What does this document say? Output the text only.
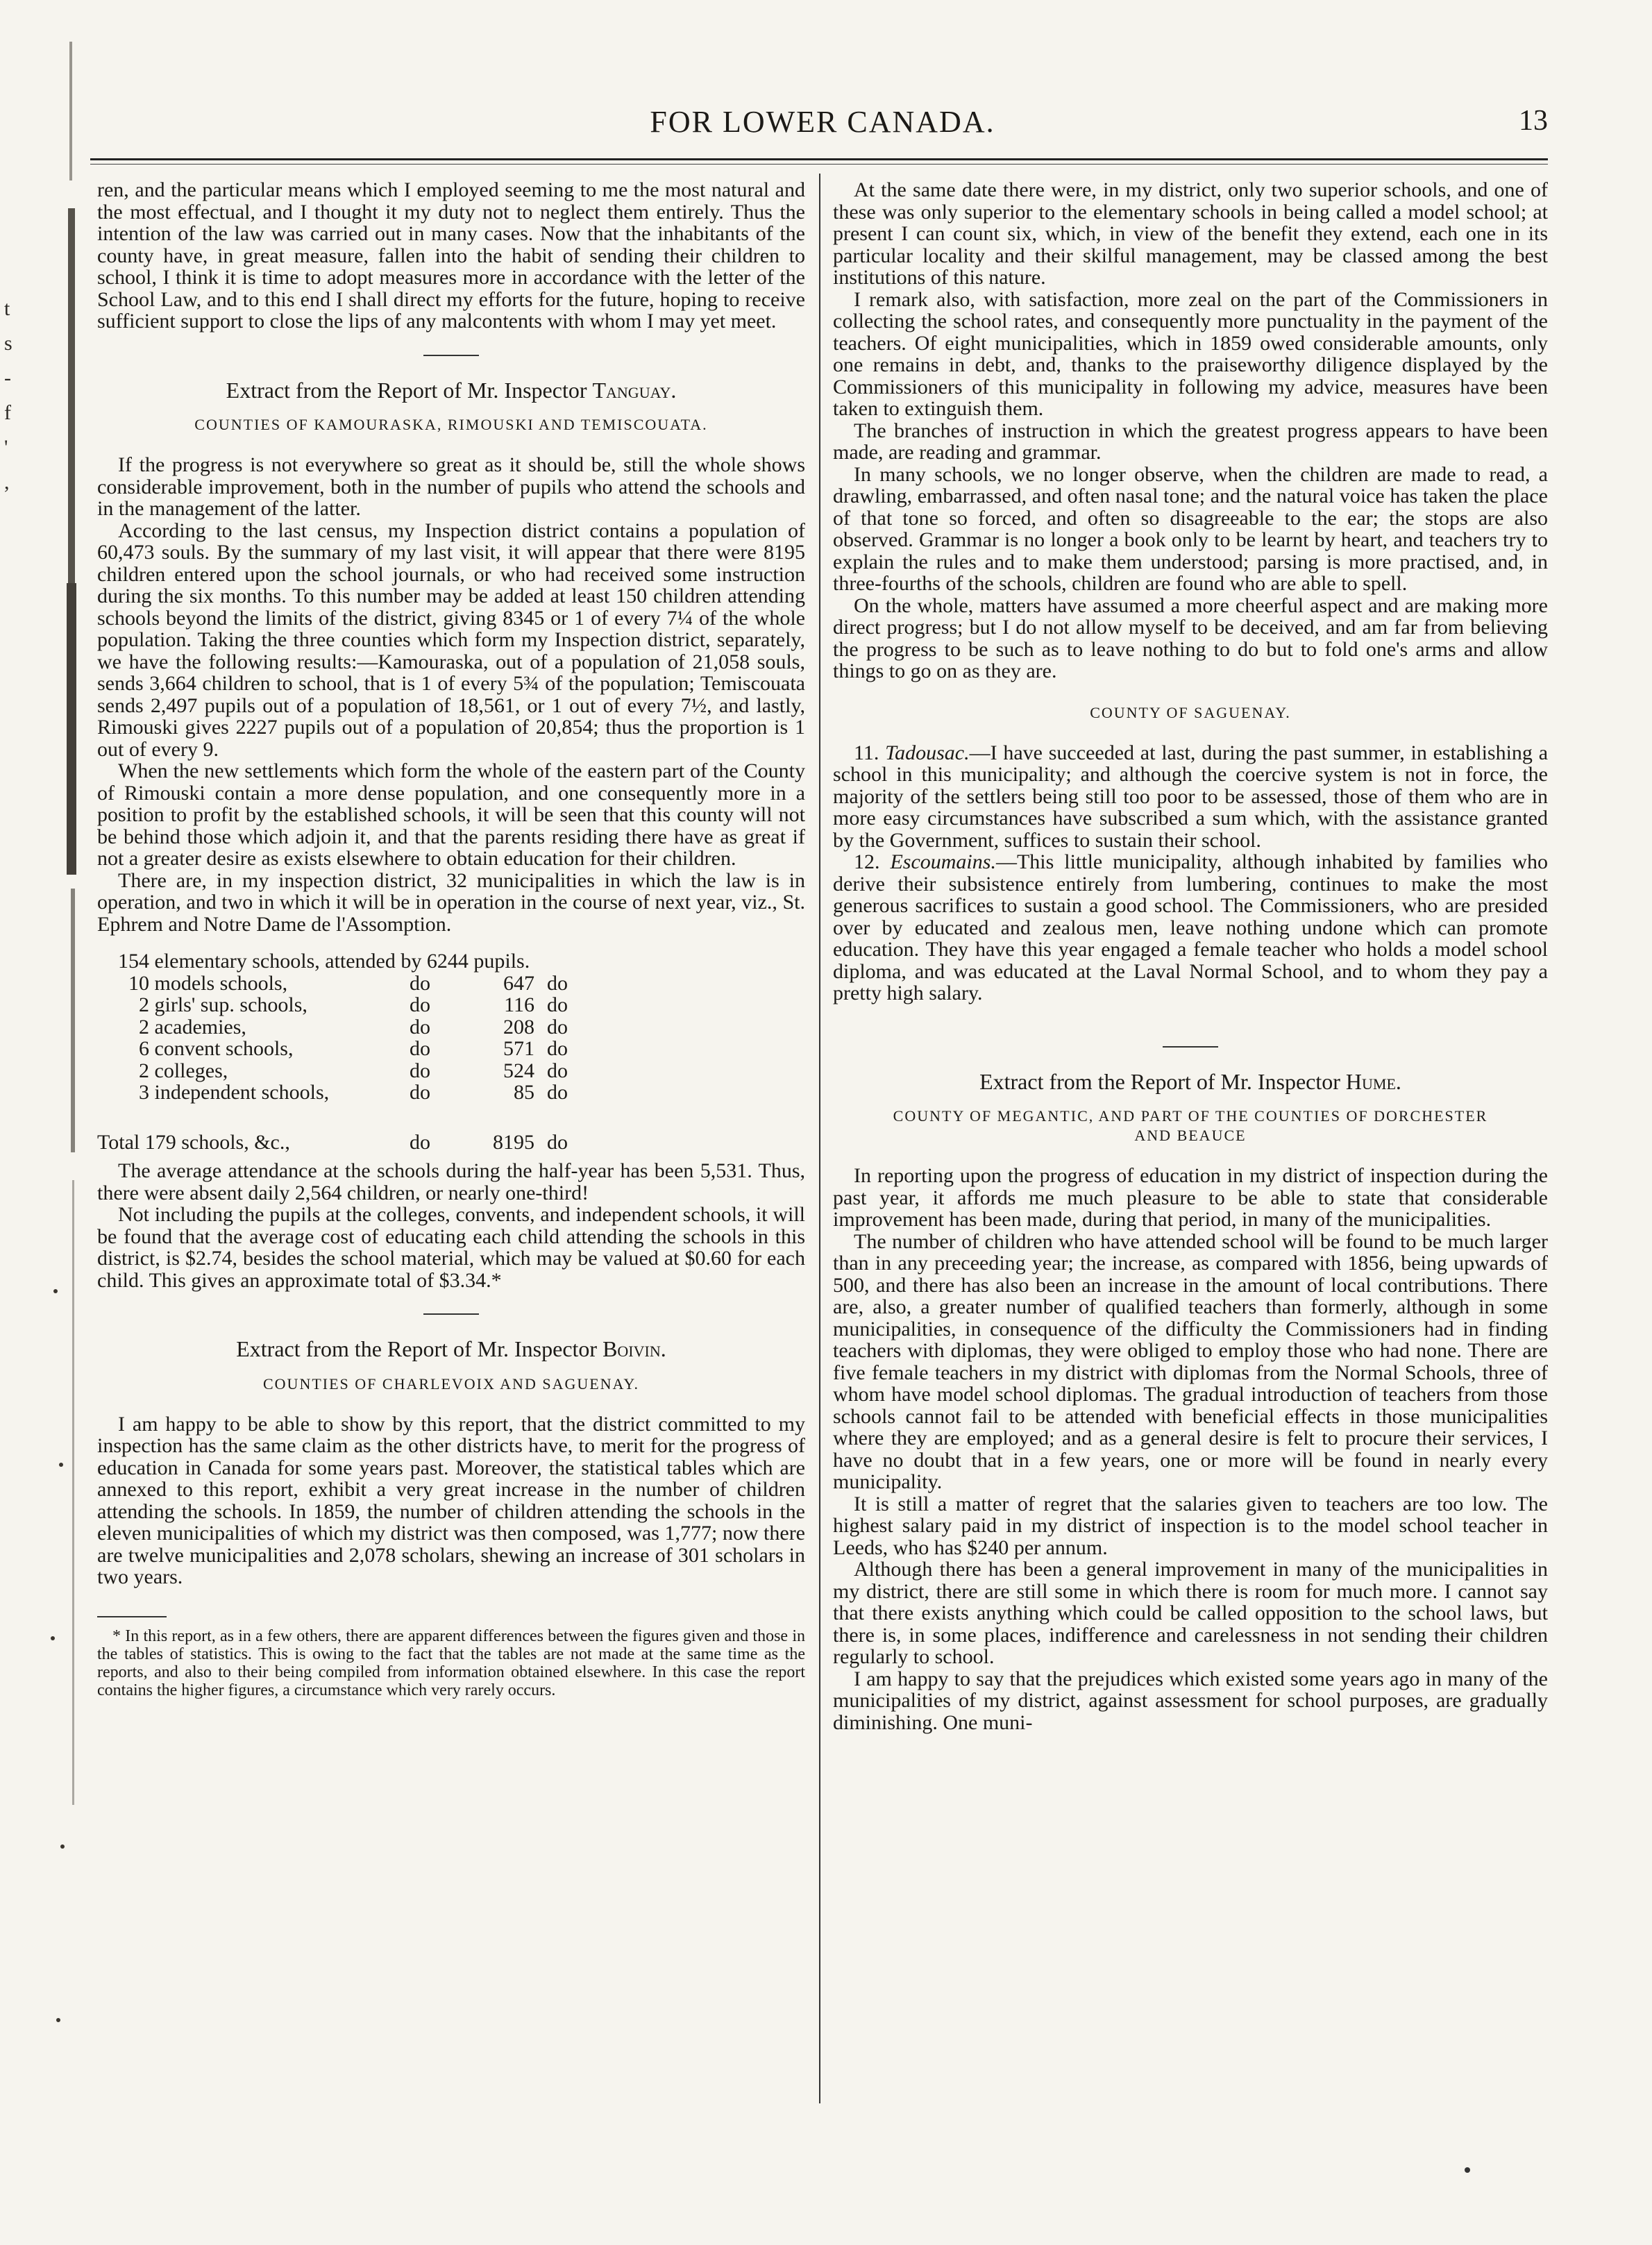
t
s
-
f
'
,
FOR LOWER CANADA.	13

ren, and the particular means which I employed seeming to me the most natural and the most effectual, and I thought it my duty not to neglect them entirely. Thus the intention of the law was carried out in many cases. Now that the inhabitants of the county have, in great measure, fallen into the habit of sending their children to school, I think it is time to adopt measures more in accordance with the letter of the School Law, and to this end I shall direct my efforts for the future, hoping to receive sufficient support to close the lips of any malcontents with whom I may yet meet.

Extract from the Report of Mr. Inspector Tanguay.
COUNTIES OF KAMOURASKA, RIMOUSKI AND TEMISCOUATA.

If the progress is not everywhere so great as it should be, still the whole shows considerable improvement, both in the number of pupils who attend the schools and in the management of the latter.

According to the last census, my Inspection district contains a population of 60,473 souls. By the summary of my last visit, it will appear that there were 8195 children entered upon the school journals, or who had received some instruction during the six months. To this number may be added at least 150 children attending schools beyond the limits of the district, giving 8345 or 1 of every 7¼ of the whole population. Taking the three counties which form my Inspection district, separately, we have the following results:—Kamouraska, out of a population of 21,058 souls, sends 3,664 children to school, that is 1 of every 5¾ of the population; Temiscouata sends 2,497 pupils out of a population of 18,561, or 1 out of every 7½, and lastly, Rimouski gives 2227 pupils out of a population of 20,854; thus the proportion is 1 out of every 9.

When the new settlements which form the whole of the eastern part of the County of Rimouski contain a more dense population, and one consequently more in a position to profit by the established schools, it will be seen that this county will not be behind those which adjoin it, and that the parents residing there have as great if not a greater desire as exists elsewhere to obtain education for their children.

There are, in my inspection district, 32 municipalities in which the law is in operation, and two in which it will be in operation in the course of next year, viz., St. Ephrem and Notre Dame de l'Assomption.

154 elementary schools, attended by 6244 pupils.
10 models schools,	do	647 do
2 girls' sup. schools,	do	116 do
2 academies,	do	208 do
6 convent schools,	do	571 do
2 colleges,	do	524 do
3 independent schools,	do	85 do
Total 179 schools, &c.,	do	8195 do

The average attendance at the schools during the half-year has been 5,531. Thus, there were absent daily 2,564 children, or nearly one-third!

Not including the pupils at the colleges, convents, and independent schools, it will be found that the average cost of educating each child attending the schools in this district, is $2.74, besides the school material, which may be valued at $0.60 for each child. This gives an approximate total of $3.34.*

Extract from the Report of Mr. Inspector Boivin.
COUNTIES OF CHARLEVOIX AND SAGUENAY.

I am happy to be able to show by this report, that the district committed to my inspection has the same claim as the other districts have, to merit for the progress of education in Canada for some years past. Moreover, the statistical tables which are annexed to this report, exhibit a very great increase in the number of children attending the schools. In 1859, the number of children attending the schools in the eleven municipalities of which my district was then composed, was 1,777; now there are twelve municipalities and 2,078 scholars, shewing an increase of 301 scholars in two years.

* In this report, as in a few others, there are apparent differences between the figures given and those in the tables of statistics. This is owing to the fact that the tables are not made at the same time as the reports, and also to their being compiled from information obtained elsewhere. In this case the report contains the higher figures, a circumstance which very rarely occurs.

At the same date there were, in my district, only two superior schools, and one of these was only superior to the elementary schools in being called a model school; at present I can count six, which, in view of the benefit they extend, each one in its particular locality and their skilful management, may be classed among the best institutions of this nature.

I remark also, with satisfaction, more zeal on the part of the Commissioners in collecting the school rates, and consequently more punctuality in the payment of the teachers. Of eight municipalities, which in 1859 owed considerable amounts, only one remains in debt, and, thanks to the praiseworthy diligence displayed by the Commissioners of this municipality in following my advice, measures have been taken to extinguish them.

The branches of instruction in which the greatest progress appears to have been made, are reading and grammar.

In many schools, we no longer observe, when the children are made to read, a drawling, embarrassed, and often nasal tone; and the natural voice has taken the place of that tone so forced, and often so disagreeable to the ear; the stops are also observed. Grammar is no longer a book only to be learnt by heart, and teachers try to explain the rules and to make them understood; parsing is more practised, and, in three-fourths of the schools, children are found who are able to spell.

On the whole, matters have assumed a more cheerful aspect and are making more direct progress; but I do not allow myself to be deceived, and am far from believing the progress to be such as to leave nothing to do but to fold one's arms and allow things to go on as they are.

COUNTY OF SAGUENAY.

11. Tadousac.—I have succeeded at last, during the past summer, in establishing a school in this municipality; and although the coercive system is not in force, the majority of the settlers being still too poor to be assessed, those of them who are in more easy circumstances have subscribed a sum which, with the assistance granted by the Government, suffices to sustain their school.

12. Escoumains.—This little municipality, although inhabited by families who derive their subsistence entirely from lumbering, continues to make the most generous sacrifices to sustain a good school. The Commissioners, who are presided over by educated and zealous men, leave nothing undone which can promote education. They have this year engaged a female teacher who holds a model school diploma, and was educated at the Laval Normal School, and to whom they pay a pretty high salary.

Extract from the Report of Mr. Inspector Hume.
COUNTY OF MEGANTIC, AND PART OF THE COUNTIES OF DORCHESTER
AND BEAUCE

In reporting upon the progress of education in my district of inspection during the past year, it affords me much pleasure to be able to state that considerable improvement has been made, during that period, in many of the municipalities.

The number of children who have attended school will be found to be much larger than in any preceeding year; the increase, as compared with 1856, being upwards of 500, and there has also been an increase in the amount of local contributions. There are, also, a greater number of qualified teachers than formerly, although in some municipalities, in consequence of the difficulty the Commissioners had in finding teachers with diplomas, they were obliged to employ those who had none. There are five female teachers in my district with diplomas from the Normal Schools, three of whom have model school diplomas. The gradual introduction of teachers from those schools cannot fail to be attended with beneficial effects in those municipalities where they are employed; and as a general desire is felt to procure their services, I have no doubt that in a few years, one or more will be found in nearly every municipality.

It is still a matter of regret that the salaries given to teachers are too low. The highest salary paid in my district of inspection is to the model school teacher in Leeds, who has $240 per annum.

Although there has been a general improvement in many of the municipalities in my district, there are still some in which there is room for much more. I cannot say that there exists anything which could be called opposition to the school laws, but there is, in some places, indifference and carelessness in not sending their children regularly to school.

I am happy to say that the prejudices which existed some years ago in many of the municipalities of my district, against assessment for school purposes, are gradually diminishing. One muni-
